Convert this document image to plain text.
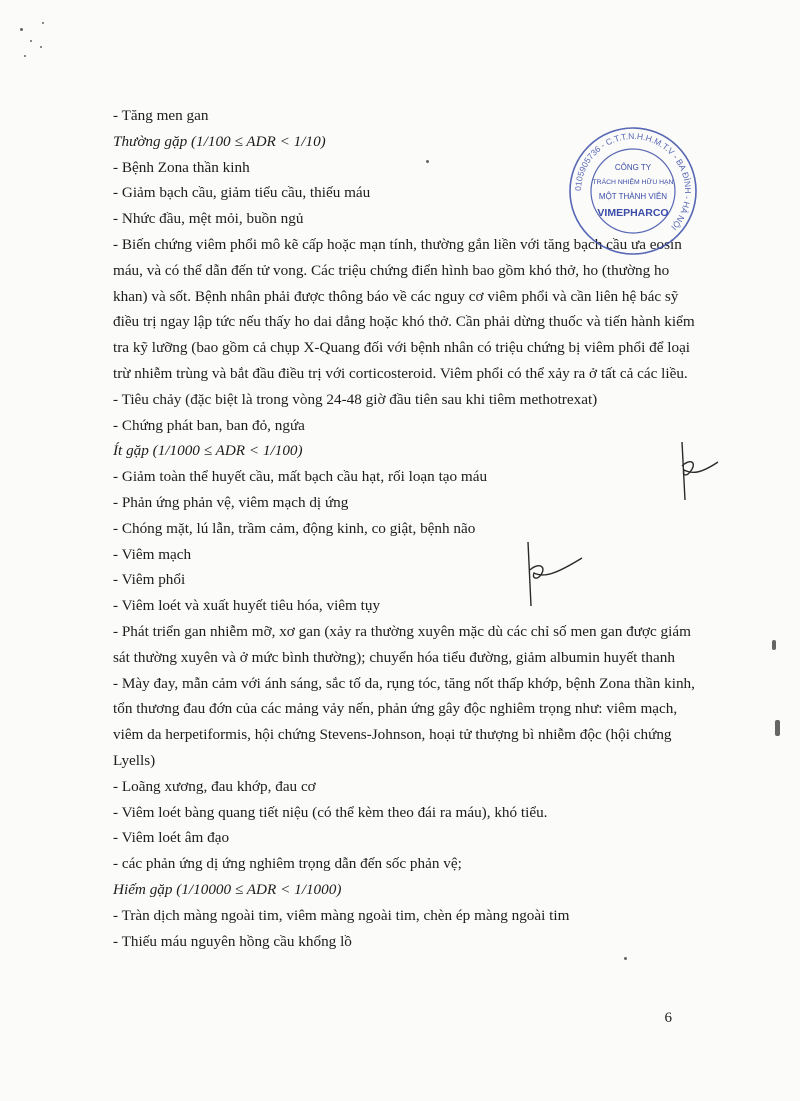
- Tăng men gan

Thường gặp (1/100 ≤ ADR < 1/10)

- Bệnh Zona thần kinh

- Giảm bạch cầu, giảm tiểu cầu, thiếu máu

- Nhức đầu, mệt mỏi, buồn ngủ

- Biến chứng viêm phổi mô kẽ cấp hoặc mạn tính, thường gắn liền với tăng bạch cầu ưa eosin máu, và có thể dẫn đến tử vong. Các triệu chứng điển hình bao gồm khó thở, ho (thường ho khan) và sốt. Bệnh nhân phải được thông báo về các nguy cơ viêm phổi và cần liên hệ bác sỹ điều trị ngay lập tức nếu thấy ho dai dẳng hoặc khó thở. Cần phải dừng thuốc và tiến hành kiểm tra kỹ lưỡng (bao gồm cả chụp X-Quang đối với bệnh nhân có triệu chứng bị viêm phổi để loại trừ nhiễm trùng và bắt đầu điều trị với corticosteroid. Viêm phổi có thể xảy ra ở tất cả các liều.

- Tiêu chảy (đặc biệt là trong vòng 24-48 giờ đầu tiên sau khi tiêm methotrexat)

- Chứng phát ban, ban đỏ, ngứa

Ít gặp (1/1000 ≤ ADR < 1/100)

- Giảm toàn thể huyết cầu, mất bạch cầu hạt, rối loạn tạo máu

- Phản ứng phản vệ, viêm mạch dị ứng

- Chóng mặt, lú lẫn, trầm cảm, động kinh, co giật, bệnh não

- Viêm mạch

- Viêm phổi

- Viêm loét và xuất huyết tiêu hóa, viêm tụy

- Phát triển gan nhiễm mỡ, xơ gan (xảy ra thường xuyên mặc dù các chỉ số men gan được giám sát thường xuyên và ở mức bình thường); chuyển hóa tiểu đường, giảm albumin huyết thanh

- Mày đay, mẫn cảm với ánh sáng, sắc tố da, rụng tóc, tăng nốt thấp khớp, bệnh Zona thần kinh, tổn thương đau đớn của các mảng vảy nến, phản ứng gây độc nghiêm trọng như: viêm mạch, viêm da herpetiformis, hội chứng Stevens-Johnson, hoại tử thượng bì nhiễm độc (hội chứng Lyells)

- Loãng xương, đau khớp, đau cơ

- Viêm loét bàng quang tiết niệu (có thể kèm theo đái ra máu), khó tiểu.

- Viêm loét âm đạo

- các phản ứng dị ứng nghiêm trọng dẫn đến sốc phản vệ;

Hiếm gặp (1/10000 ≤ ADR < 1/1000)

- Tràn dịch màng ngoài tim, viêm màng ngoài tim, chèn ép màng ngoài tim

- Thiếu máu nguyên hồng cầu khổng lồ

6
0105905736 - C.T.T.N.H.H.M.T.V - BA ĐÌNH - HÀ NỘI
CÔNG TY
TRÁCH NHIỆM HỮU HẠN
MỘT THÀNH VIÊN
VIMEPHARCO
